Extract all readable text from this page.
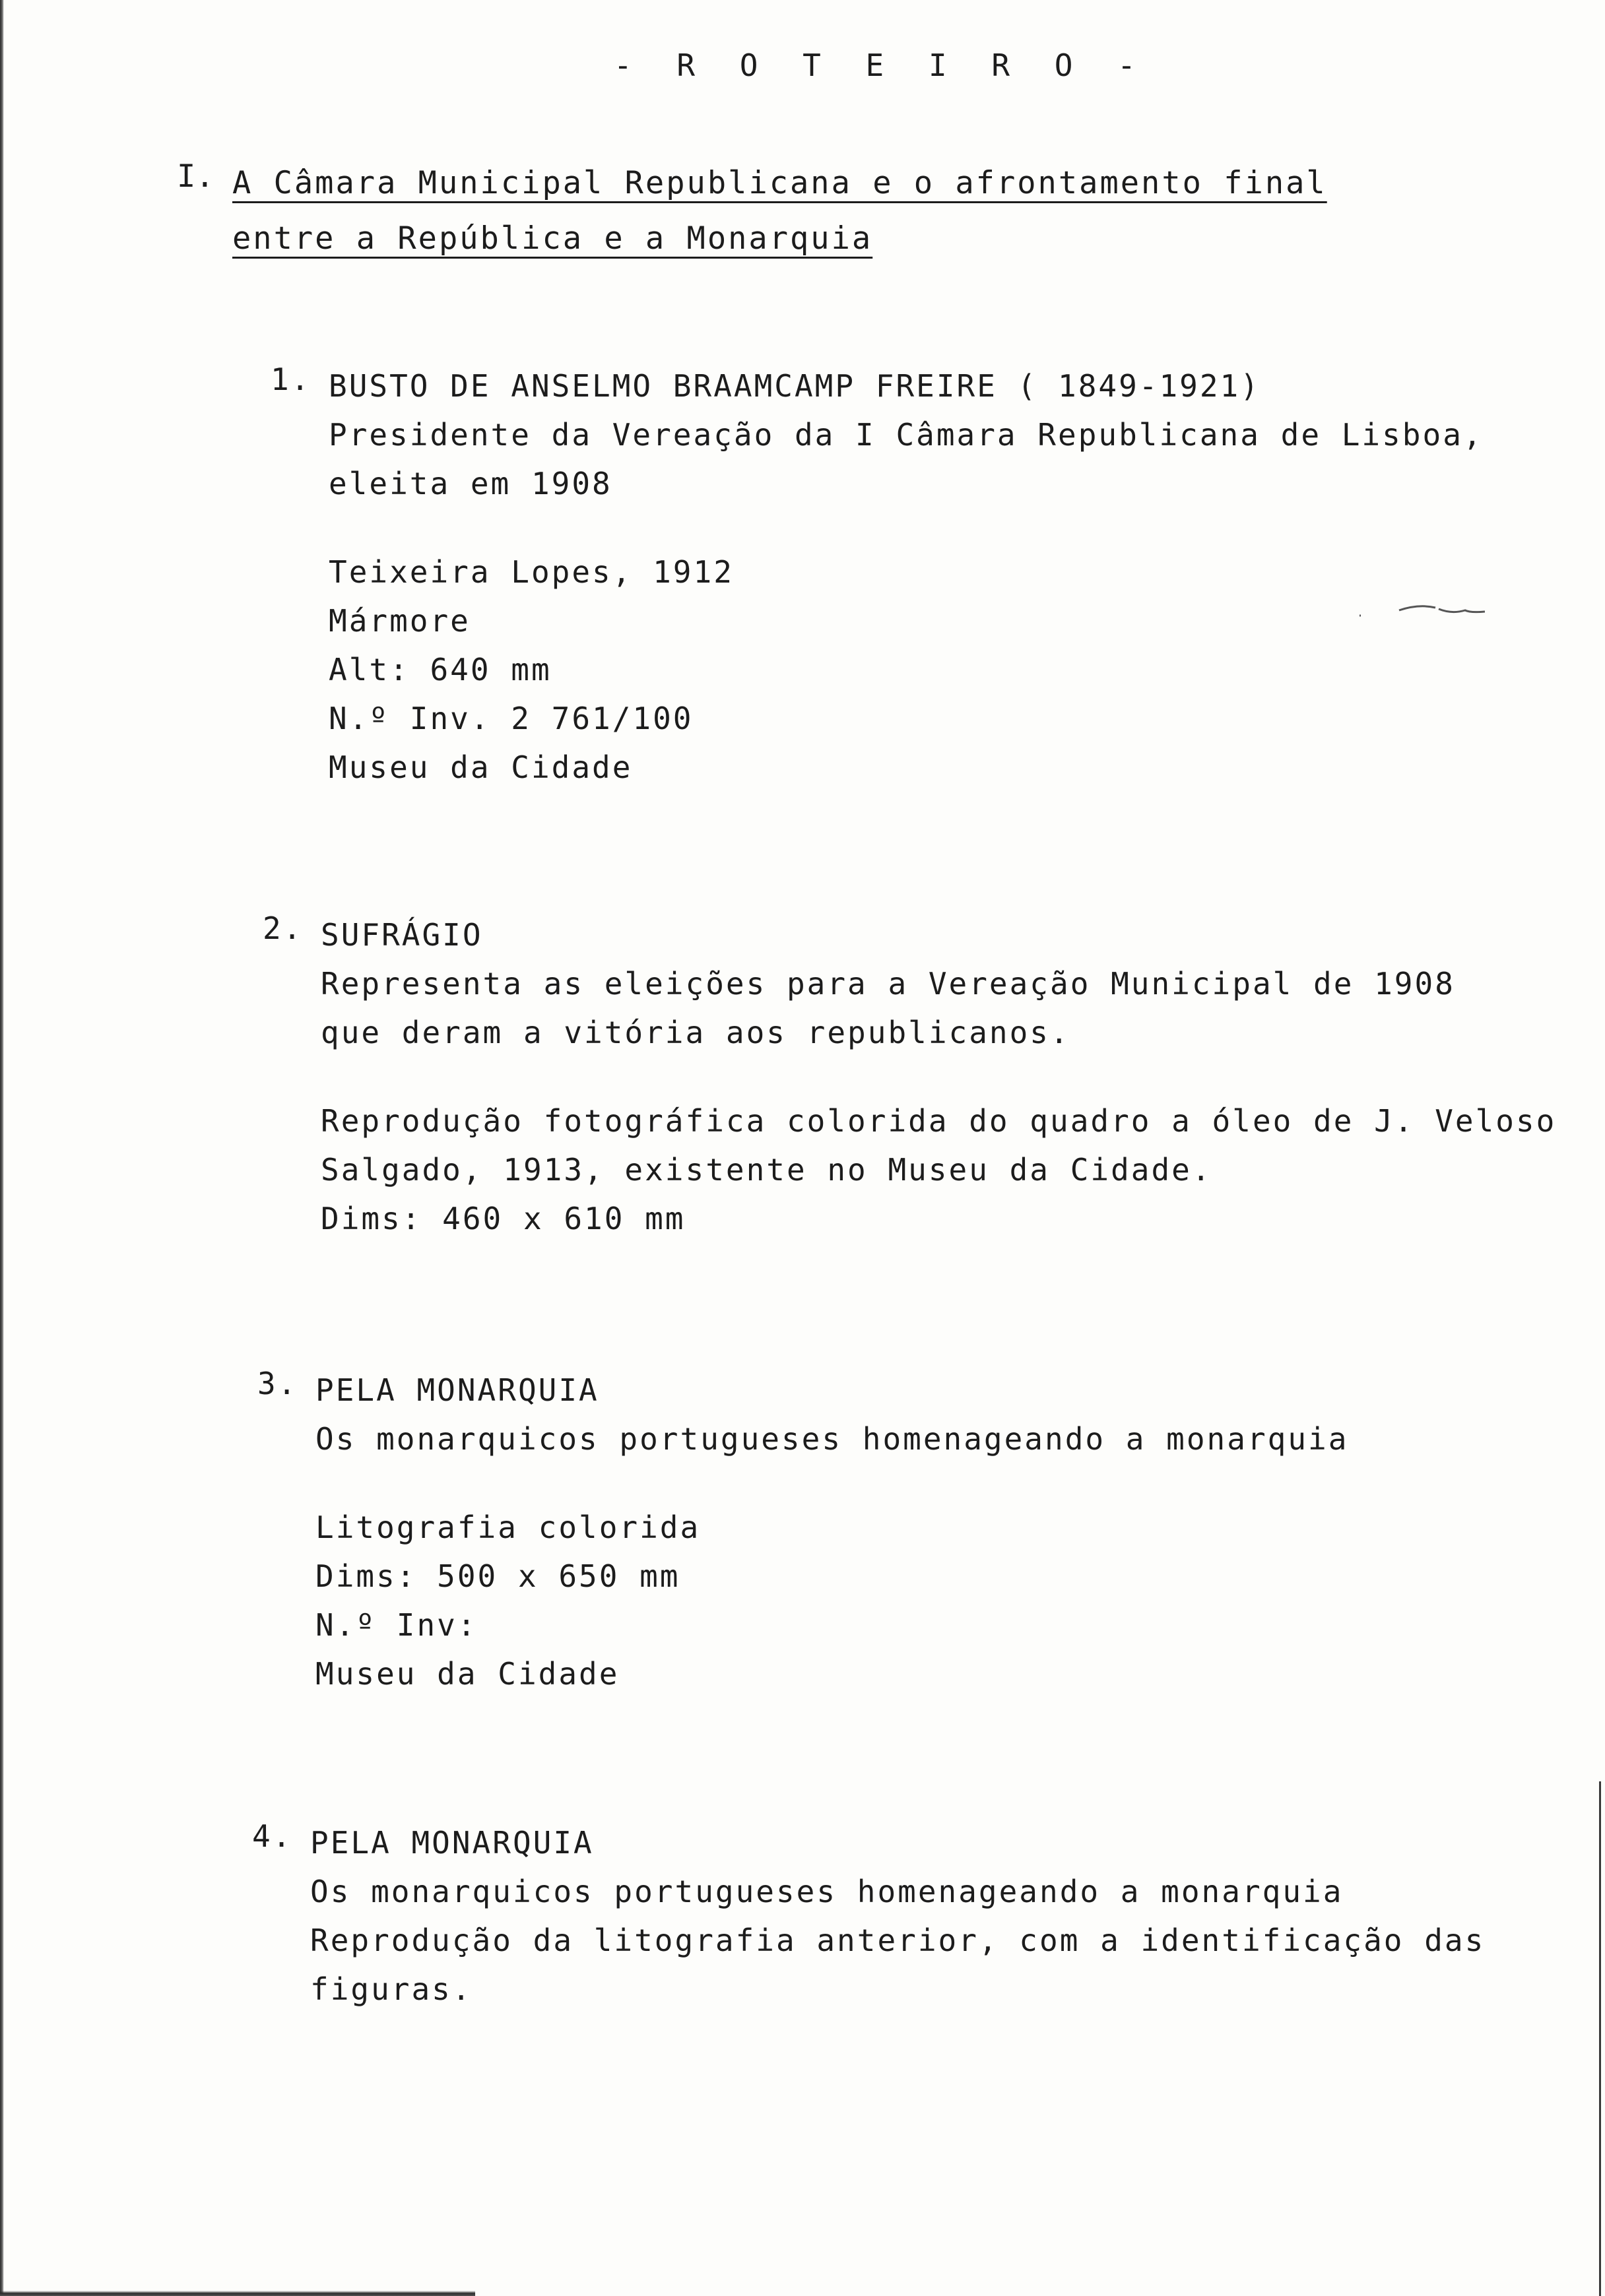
- R O T E I R O -
I. A Câmara Municipal Republicana e o afrontamento final entre a República e a Monarquia
1. BUSTO DE ANSELMO BRAAMCAMP FREIRE ( 1849-1921)
Presidente da Vereação da I Câmara Republicana de Lisboa,
eleita em 1908
Teixeira Lopes, 1912
Mármore
Alt: 640 mm
N.º Inv. 2 761/100
Museu da Cidade
2. SUFRÁGIO
Representa as eleições para a Vereação Municipal de 1908
que deram a vitória aos republicanos.
Reprodução fotográfica colorida do quadro a óleo de J. Veloso
Salgado, 1913, existente no Museu da Cidade.
Dims: 460 x 610 mm
3. PELA MONARQUIA
Os monarquicos portugueses homenageando a monarquia
Litografia colorida
Dims: 500 x 650 mm
N.º Inv:
Museu da Cidade
4. PELA MONARQUIA
Os monarquicos portugueses homenageando a monarquia
Reprodução da litografia anterior, com a identificação das
figuras.
